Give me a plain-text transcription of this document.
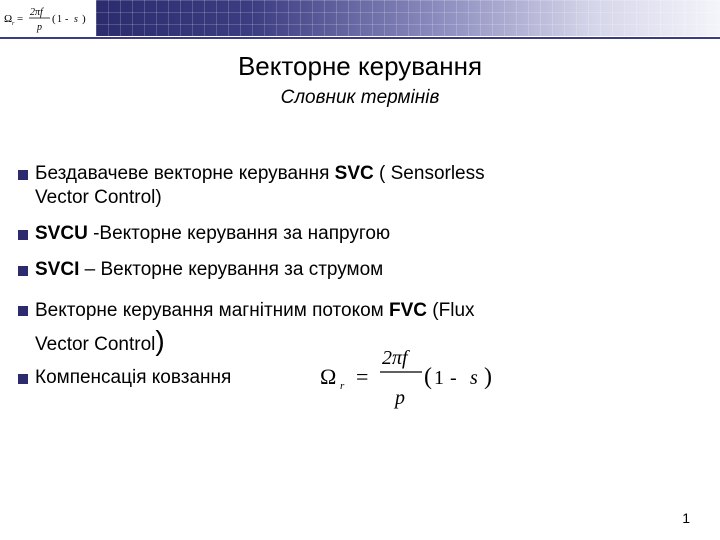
Ω r =
2πf
p
( 1 - s )
Векторне керування
Словник термінів
Бездавачеве векторне керування SVC ( Sensorless
Vector Control)
SVCU -Векторне керування за напругою
SVCI – Векторне керування за струмом
Векторне керування магнітним потоком FVC (Flux
Vector Control)
Компенсація ковзання	Ω r =
2πf
p
( 1 - s )
1
